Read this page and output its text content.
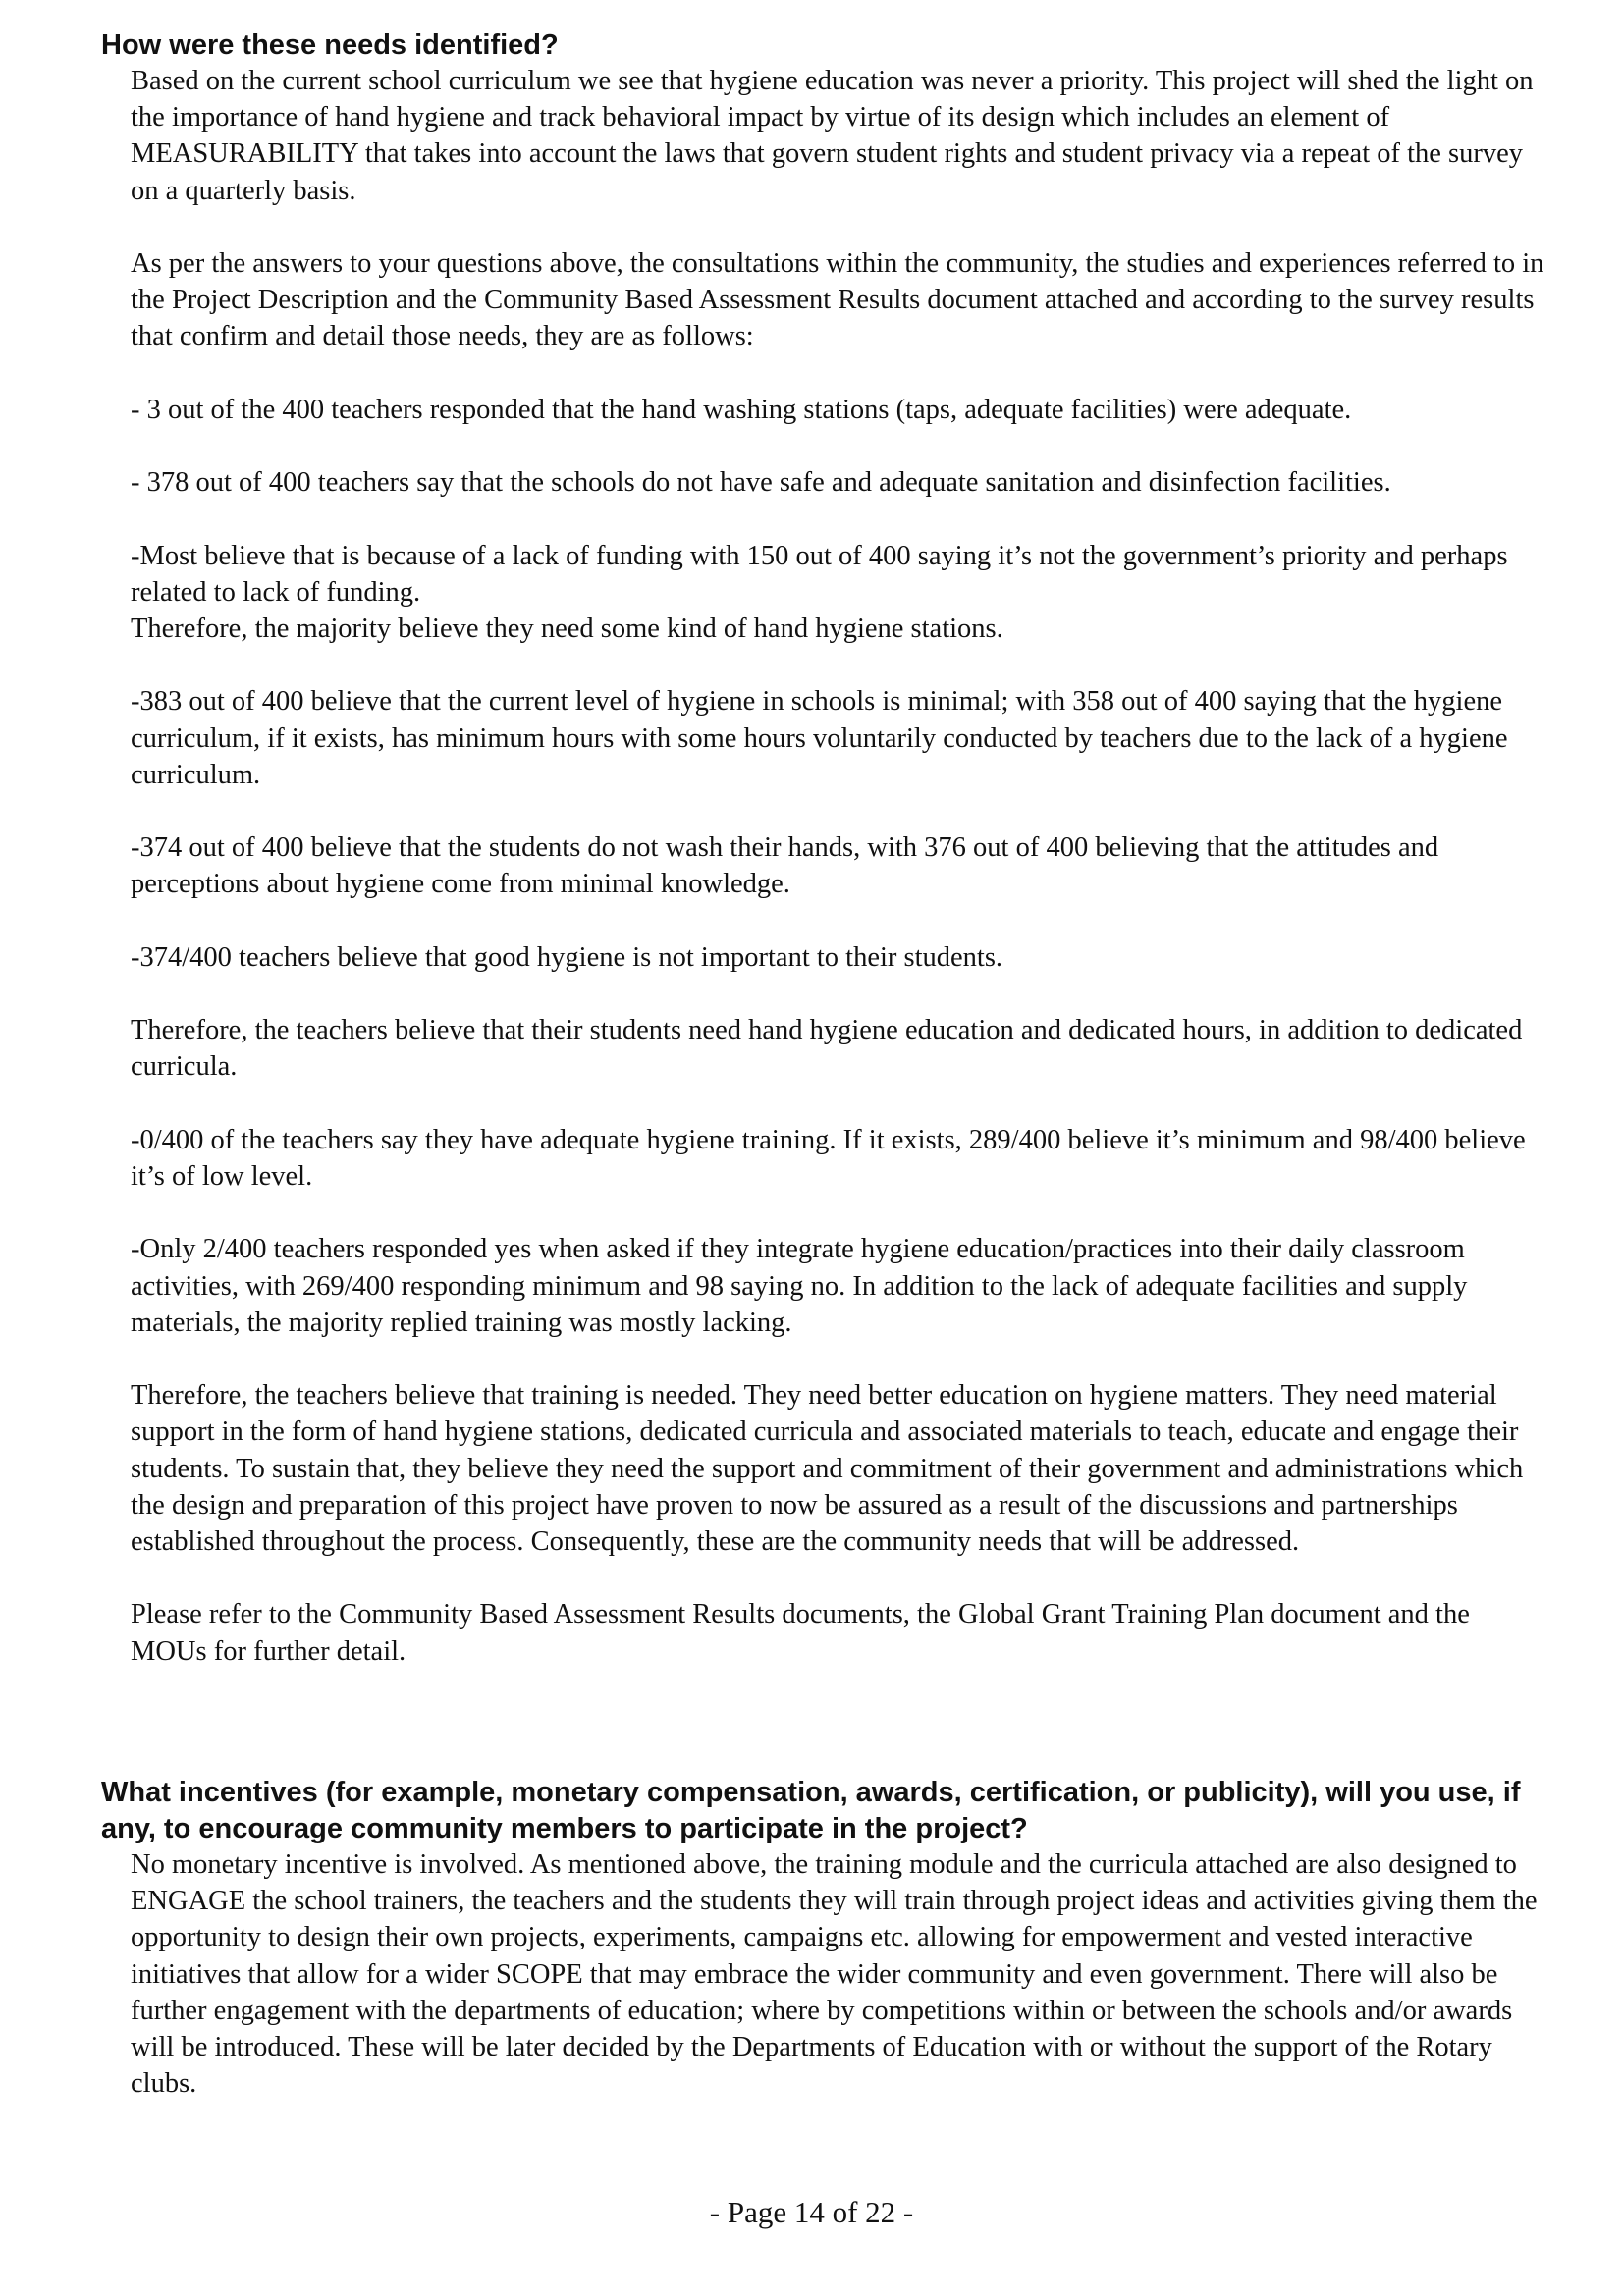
How were these needs identified?

Based on the current school curriculum we see that hygiene education was never a priority. This project will shed the light on the importance of hand hygiene and track behavioral impact by virtue of its design which includes an element of MEASURABILITY that takes into account the laws that govern student rights and student privacy via a repeat of the survey on a quarterly basis.

As per the answers to your questions above, the consultations within the community, the studies and experiences referred to in the Project Description and the Community Based Assessment Results document attached and according to the survey results that confirm and detail those needs, they are as follows:

- 3 out of the 400 teachers responded that the hand washing stations (taps, adequate facilities) were adequate.

- 378 out of 400 teachers say that the schools do not have safe and adequate sanitation and disinfection facilities.

-Most believe that is because of a lack of funding with 150 out of 400 saying it’s not the government’s priority and perhaps related to lack of funding.

Therefore, the majority believe they need some kind of hand hygiene stations.

-383 out of 400 believe that the current level of hygiene in schools is minimal; with 358 out of 400 saying that the hygiene curriculum, if it exists, has minimum hours with some hours voluntarily conducted by teachers due to the lack of a hygiene curriculum.

-374 out of 400 believe that the students do not wash their hands, with 376 out of 400 believing that the attitudes and perceptions about hygiene come from minimal knowledge.

-374/400 teachers believe that good hygiene is not important to their students.

Therefore, the teachers believe that their students need hand hygiene education and dedicated hours, in addition to dedicated curricula.

-0/400 of the teachers say they have adequate hygiene training. If it exists, 289/400 believe it’s minimum and 98/400 believe it’s of low level.

-Only 2/400 teachers responded yes when asked if they integrate hygiene education/practices into their daily classroom activities, with 269/400 responding minimum and 98 saying no. In addition to the lack of adequate facilities and supply materials, the majority replied training was mostly lacking.

Therefore, the teachers believe that training is needed. They need better education on hygiene matters. They need material support in the form of hand hygiene stations, dedicated curricula and associated materials to teach, educate and engage their students. To sustain that, they believe they need the support and commitment of their government and administrations which the design and preparation of this project have proven to now be assured as a result of the discussions and partnerships established throughout the process. Consequently, these are the community needs that will be addressed.

Please refer to the Community Based Assessment Results documents, the Global Grant Training Plan document and the MOUs for further detail.

What incentives (for example, monetary compensation, awards, certification, or publicity), will you use, if any, to encourage community members to participate in the project?

No monetary incentive is involved. As mentioned above, the training module and the curricula attached are also designed to ENGAGE the school trainers, the teachers and the students they will train through project ideas and activities giving them the opportunity to design their own projects, experiments, campaigns etc. allowing for empowerment and vested interactive initiatives that allow for a wider SCOPE that may embrace the wider community and even government. There will also be further engagement with the departments of education; where by competitions within or between the schools and/or awards will be introduced. These will be later decided by the Departments of Education with or without the support of the Rotary clubs.

- Page 14 of 22 -
